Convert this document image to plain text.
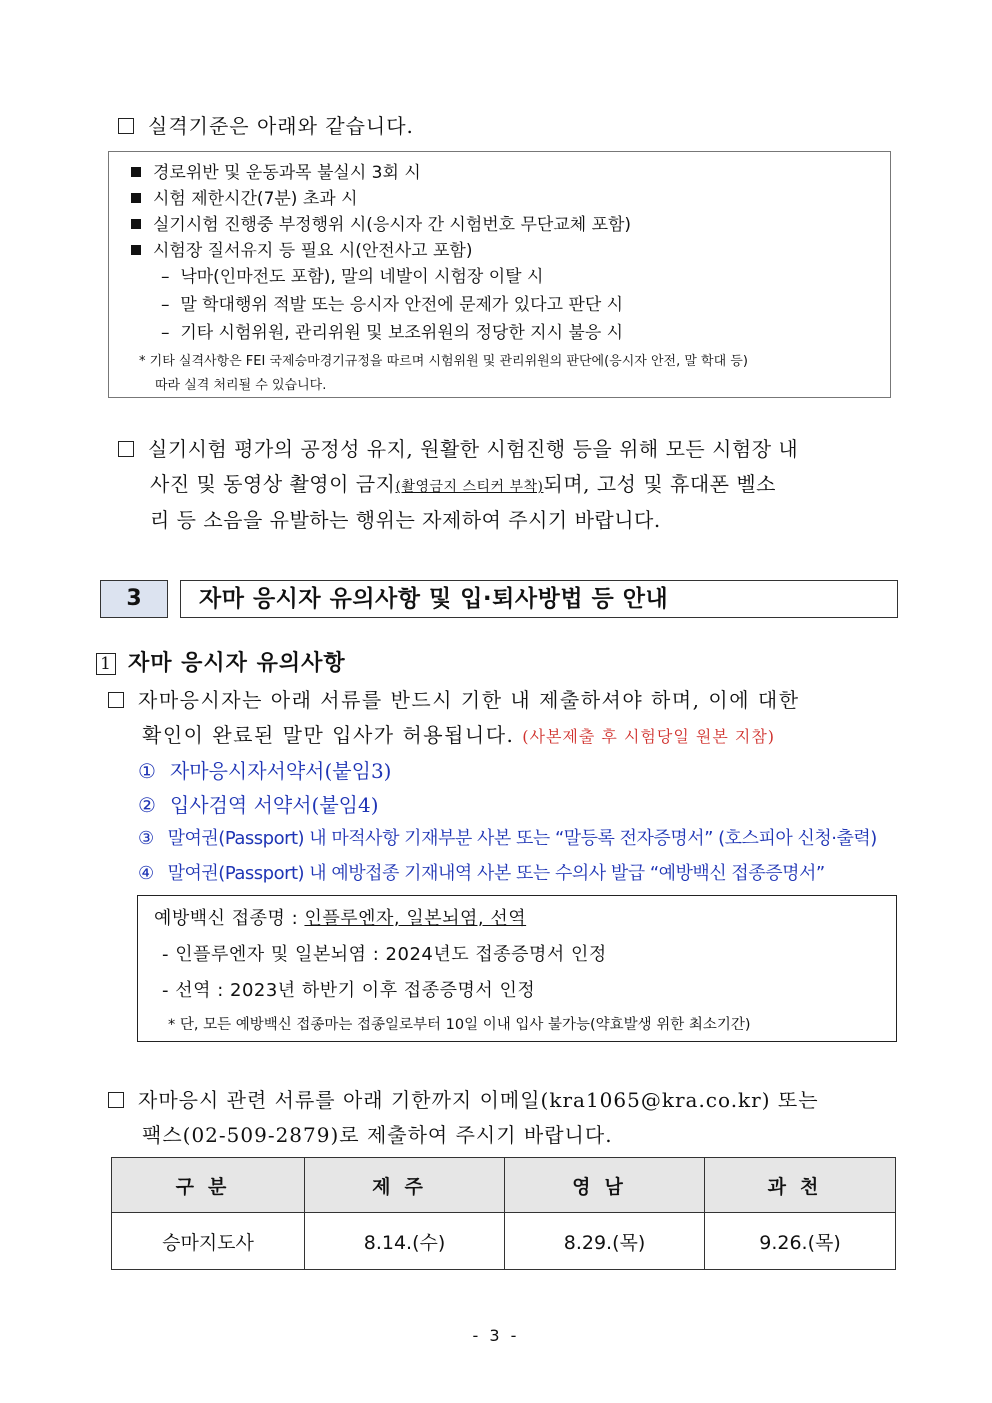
실격기준은 아래와 같습니다.
경로위반 및 운동과목 불실시 3회 시
시험 제한시간(7분) 초과 시
실기시험 진행중 부정행위 시(응시자 간 시험번호 무단교체 포함)
시험장 질서유지 등 필요 시(안전사고 포함)
–  낙마(인마전도 포함), 말의 네발이 시험장 이탈 시
–  말 학대행위 적발 또는 응시자 안전에 문제가 있다고 판단 시
–  기타 시험위원, 관리위원 및 보조위원의 정당한 지시 불응 시
* 기타 실격사항은 FEI 국제승마경기규정을 따르며 시험위원 및 관리위원의 판단에(응시자 안전, 말 학대 등)
따라 실격 처리될 수 있습니다.
실기시험 평가의 공정성 유지, 원활한 시험진행 등을 위해 모든 시험장 내
사진 및 동영상 촬영이 금지(촬영금지 스티커 부착)되며, 고성 및 휴대폰 벨소
리 등 소음을 유발하는 행위는 자제하여 주시기 바랍니다.
3	자마 응시자 유의사항 및 입·퇴사방법 등 안내
1 자마 응시자 유의사항
자마응시자는 아래 서류를 반드시 기한 내 제출하셔야 하며, 이에 대한
확인이 완료된 말만 입사가 허용됩니다. (사본제출 후 시험당일 원본 지참)
① 자마응시자서약서(붙임3)
② 입사검역 서약서(붙임4)
③ 말여권(Passport) 내 마적사항 기재부분 사본 또는 “말등록 전자증명서” (호스피아 신청·출력)
④ 말여권(Passport) 내 예방접종 기재내역 사본 또는 수의사 발급 “예방백신 접종증명서”
예방백신 접종명 : 인플루엔자, 일본뇌염, 선역
- 인플루엔자 및 일본뇌염 : 2024년도 접종증명서 인정
- 선역 : 2023년 하반기 이후 접종증명서 인정
* 단, 모든 예방백신 접종마는 접종일로부터 10일 이내 입사 불가능(약효발생 위한 최소기간)
자마응시 관련 서류를 아래 기한까지 이메일(kra1065@kra.co.kr) 또는
팩스(02-509-2879)로 제출하여 주시기 바랍니다.
구분	제주	영남	과천
승마지도사	8.14.(수)	8.29.(목)	9.26.(목)
- 3 -
